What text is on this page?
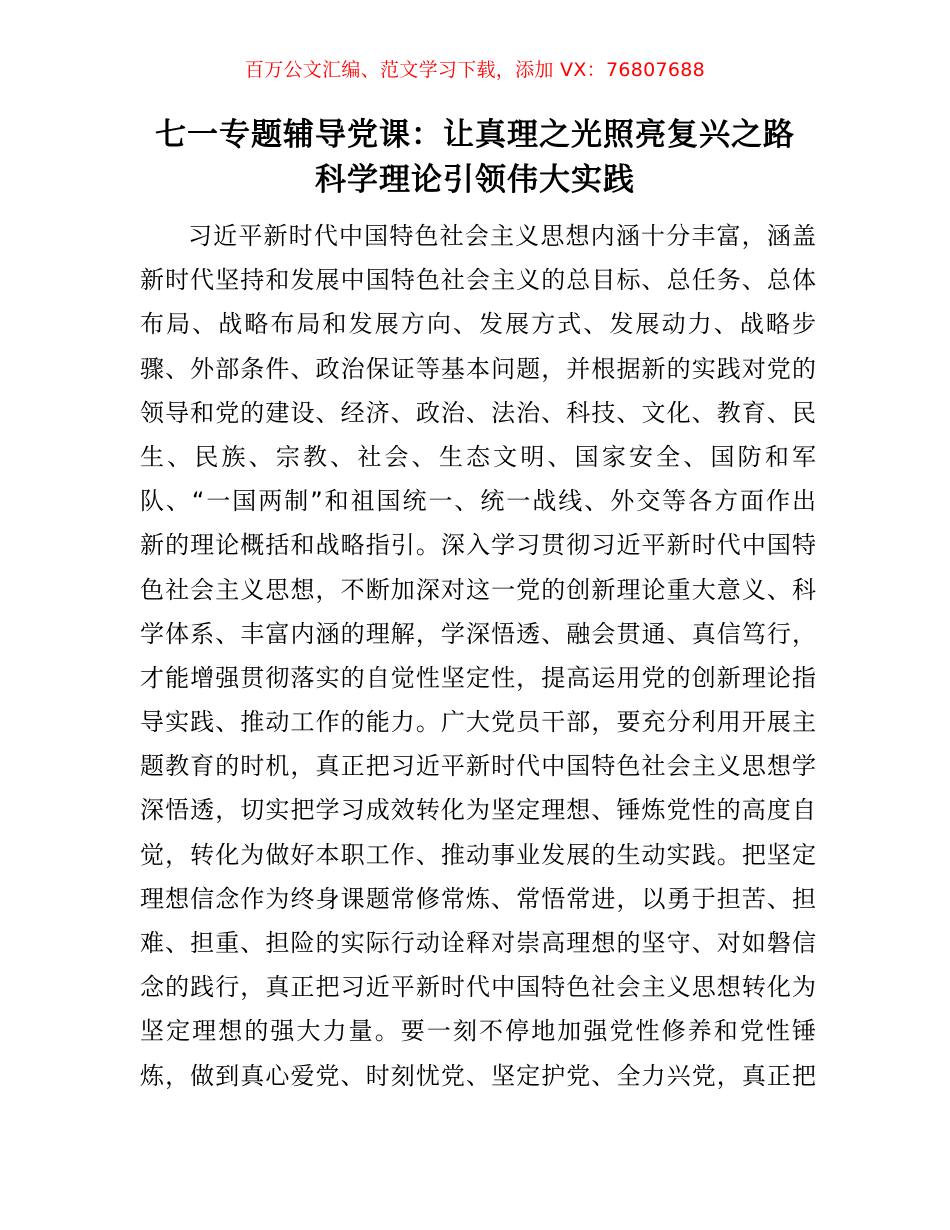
百万公文汇编、范文学习下载，添加 VX：76807688
七一专题辅导党课：让真理之光照亮复兴之路
科学理论引领伟大实践
习近平新时代中国特色社会主义思想内涵十分丰富，涵盖
新时代坚持和发展中国特色社会主义的总目标、总任务、总体
布局、战略布局和发展方向、发展方式、发展动力、战略步
骤、外部条件、政治保证等基本问题，并根据新的实践对党的
领导和党的建设、经济、政治、法治、科技、文化、教育、民
生、民族、宗教、社会、生态文明、国家安全、国防和军
队、“一国两制”和祖国统一、统一战线、外交等各方面作出
新的理论概括和战略指引。深入学习贯彻习近平新时代中国特
色社会主义思想，不断加深对这一党的创新理论重大意义、科
学体系、丰富内涵的理解，学深悟透、融会贯通、真信笃行，
才能增强贯彻落实的自觉性坚定性，提高运用党的创新理论指
导实践、推动工作的能力。广大党员干部，要充分利用开展主
题教育的时机，真正把习近平新时代中国特色社会主义思想学
深悟透，切实把学习成效转化为坚定理想、锤炼党性的高度自
觉，转化为做好本职工作、推动事业发展的生动实践。把坚定
理想信念作为终身课题常修常炼、常悟常进，以勇于担苦、担
难、担重、担险的实际行动诠释对崇高理想的坚守、对如磐信
念的践行，真正把习近平新时代中国特色社会主义思想转化为
坚定理想的强大力量。要一刻不停地加强党性修养和党性锤
炼，做到真心爱党、时刻忧党、坚定护党、全力兴党，真正把
